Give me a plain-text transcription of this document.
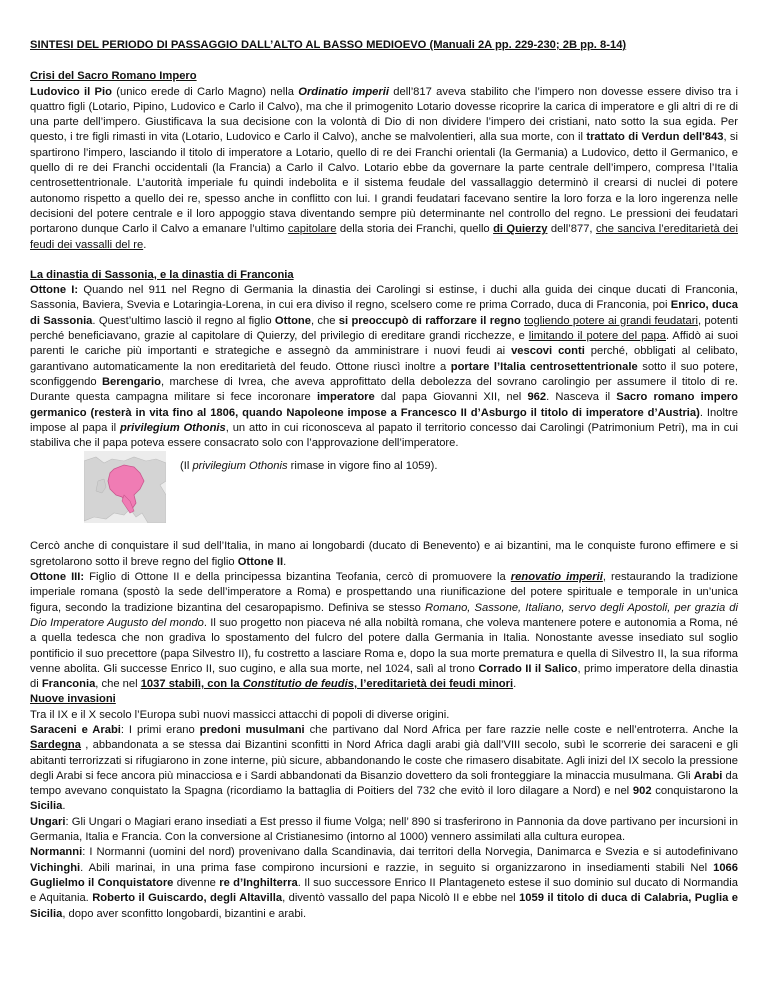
SINTESI DEL PERIODO DI PASSAGGIO DALL’ALTO AL BASSO MEDIOEVO (Manuali 2A pp. 229-230; 2B pp. 8-14)

Crisi del Sacro Romano Impero

Ludovico il Pio (unico erede di Carlo Magno) nella Ordinatio imperii dell’817 aveva stabilito che l’impero non dovesse essere diviso tra i quattro figli (Lotario, Pipino, Ludovico e Carlo il Calvo), ma che il primogenito Lotario dovesse ricoprire la carica di imperatore e gli altri di re di una parte dell’impero. Giustificava la sua decisione con la volontà di Dio di non dividere l’impero dei cristiani, nato sotto la sua egida. Per questo, i tre figli rimasti in vita (Lotario, Ludovico e Carlo il Calvo), anche se malvolentieri, alla sua morte, con il trattato di Verdun dell'843, si spartirono l’impero, lasciando il titolo di imperatore a Lotario, quello di re dei Franchi orientali (la Germania) a Ludovico, detto il Germanico, e quello di re dei Franchi occidentali (la Francia) a Carlo il Calvo. Lotario ebbe da governare la parte centrale dell’impero, compresa l’Italia centrosettentrionale. L’autorità imperiale fu quindi indebolita e il sistema feudale del vassallaggio determinò il crearsi di nuclei di potere autonomo rispetto a quello dei re, spesso anche in conflitto con lui. I grandi feudatari facevano sentire la loro forza e la loro ingerenza nelle decisioni del potere centrale e il loro appoggio stava diventando sempre più determinante nel controllo del regno. Le pressioni dei feudatari portarono dunque Carlo il Calvo a emanare l’ultimo capitolare della storia dei Franchi, quello di Quierzy dell’877, che sanciva l’ereditarietà dei feudi dei vassalli del re.

La dinastia di Sassonia, e la dinastia di Franconia

Ottone I: Quando nel 911 nel Regno di Germania la dinastia dei Carolingi si estinse, i duchi alla guida dei cinque ducati di Franconia, Sassonia, Baviera, Svevia e Lotaringia-Lorena, in cui era diviso il regno, scelsero come re prima Corrado, duca di Franconia, poi Enrico, duca di Sassonia. Quest’ultimo lasciò il regno al figlio Ottone, che si preoccupò di rafforzare il regno togliendo potere ai grandi feudatari, potenti perché beneficiavano, grazie al capitolare di Quierzy, del privilegio di ereditare grandi ricchezze, e limitando il potere del papa. Affidò ai suoi parenti le cariche più importanti e strategiche e assegnò da amministrare i nuovi feudi ai vescovi conti perché, obbligati al celibato, garantivano automaticamente la non ereditarietà del feudo. Ottone riuscì inoltre a portare l’Italia centrosettentrionale sotto il suo potere, sconfiggendo Berengario, marchese di Ivrea, che aveva approfittato della debolezza del sovrano carolingio per assumere il titolo di re. Durante questa campagna militare si fece incoronare imperatore dal papa Giovanni XII, nel 962. Nasceva il Sacro romano impero germanico (resterà in vita fino al 1806, quando Napoleone impose a Francesco II d’Asburgo il titolo di imperatore d’Austria). Inoltre impose al papa il privilegium Othonis, un atto in cui riconosceva al papato il territorio concesso dai Carolingi (Patrimonium Petri), ma in cui stabiliva che il papa poteva essere consacrato solo con l’approvazione dell’imperatore.

(Il privilegium Othonis rimase in vigore fino al 1059).

Cercò anche di conquistare il sud dell’Italia, in mano ai longobardi (ducato di Benevento) e ai bizantini, ma le conquiste furono effimere e si sgretolarono sotto il breve regno del figlio Ottone II.

Ottone III: Figlio di Ottone II e della principessa bizantina Teofania, cercò di promuovere la renovatio imperii, restaurando la tradizione imperiale romana (spostò la sede dell’imperatore a Roma) e prospettando una riunificazione del potere spirituale e temporale in un’unica figura, secondo la tradizione bizantina del cesaropapismo. Definiva se stesso Romano, Sassone, Italiano, servo degli Apostoli, per grazia di Dio Imperatore Augusto del mondo. Il suo progetto non piaceva né alla nobiltà romana, che voleva mantenere potere e autonomia a Roma, né a quella tedesca che non gradiva lo spostamento del fulcro del potere dalla Germania in Italia. Nonostante avesse insediato sul soglio pontificio il suo precettore (papa Silvestro II), fu costretto a lasciare Roma e, dopo la sua morte prematura e quella di Silvestro II, la sua riforma venne abolita. Gli successe Enrico II, suo cugino, e alla sua morte, nel 1024, salì al trono Corrado II il Salico, primo imperatore della dinastia di Franconia, che nel 1037 stabilì, con la Constitutio de feudis, l’ereditarietà dei feudi minori.

Nuove invasioni

Tra il IX e il X secolo l’Europa subì nuovi massicci attacchi di popoli di diverse origini.

Saraceni e Arabi: I primi erano predoni musulmani che partivano dal Nord Africa per fare razzie nelle coste e nell’entroterra. Anche la Sardegna , abbandonata a se stessa dai Bizantini sconfitti in Nord Africa dagli arabi già dall’VIII secolo, subì le scorrerie dei saraceni e gli abitanti terrorizzati si rifugiarono in zone interne, più sicure, abbandonando le coste che rimasero disabitate. Agli inizi del IX secolo la pressione degli Arabi si fece ancora più minacciosa e i Sardi abbandonati da Bisanzio dovettero da soli fronteggiare la minaccia musulmana. Gli Arabi da tempo avevano conquistato la Spagna (ricordiamo la battaglia di Poitiers del 732 che evitò il loro dilagare a Nord) e nel 902 conquistarono la Sicilia.

Ungari: Gli Ungari o Magiari erano insediati a Est presso il fiume Volga; nell’ 890 si trasferirono in Pannonia da dove partivano per incursioni in Germania, Italia e Francia. Con la conversione al Cristianesimo (intorno al 1000) vennero assimilati alla cultura europea.

Normanni: I Normanni (uomini del nord) provenivano dalla Scandinavia, dai territori della Norvegia, Danimarca e Svezia e si autodefinivano Vichinghi. Abili marinai, in una prima fase compirono incursioni e razzie, in seguito si organizzarono in insediamenti stabili Nel 1066 Guglielmo il Conquistatore divenne re d’Inghilterra. Il suo successore Enrico II Plantageneto estese il suo dominio sul ducato di Normandia e Aquitania. Roberto il Guiscardo, degli Altavilla, diventò vassallo del papa Nicolò II e ebbe nel 1059 il titolo di duca di Calabria, Puglia e Sicilia, dopo aver sconfitto longobardi, bizantini e arabi.
